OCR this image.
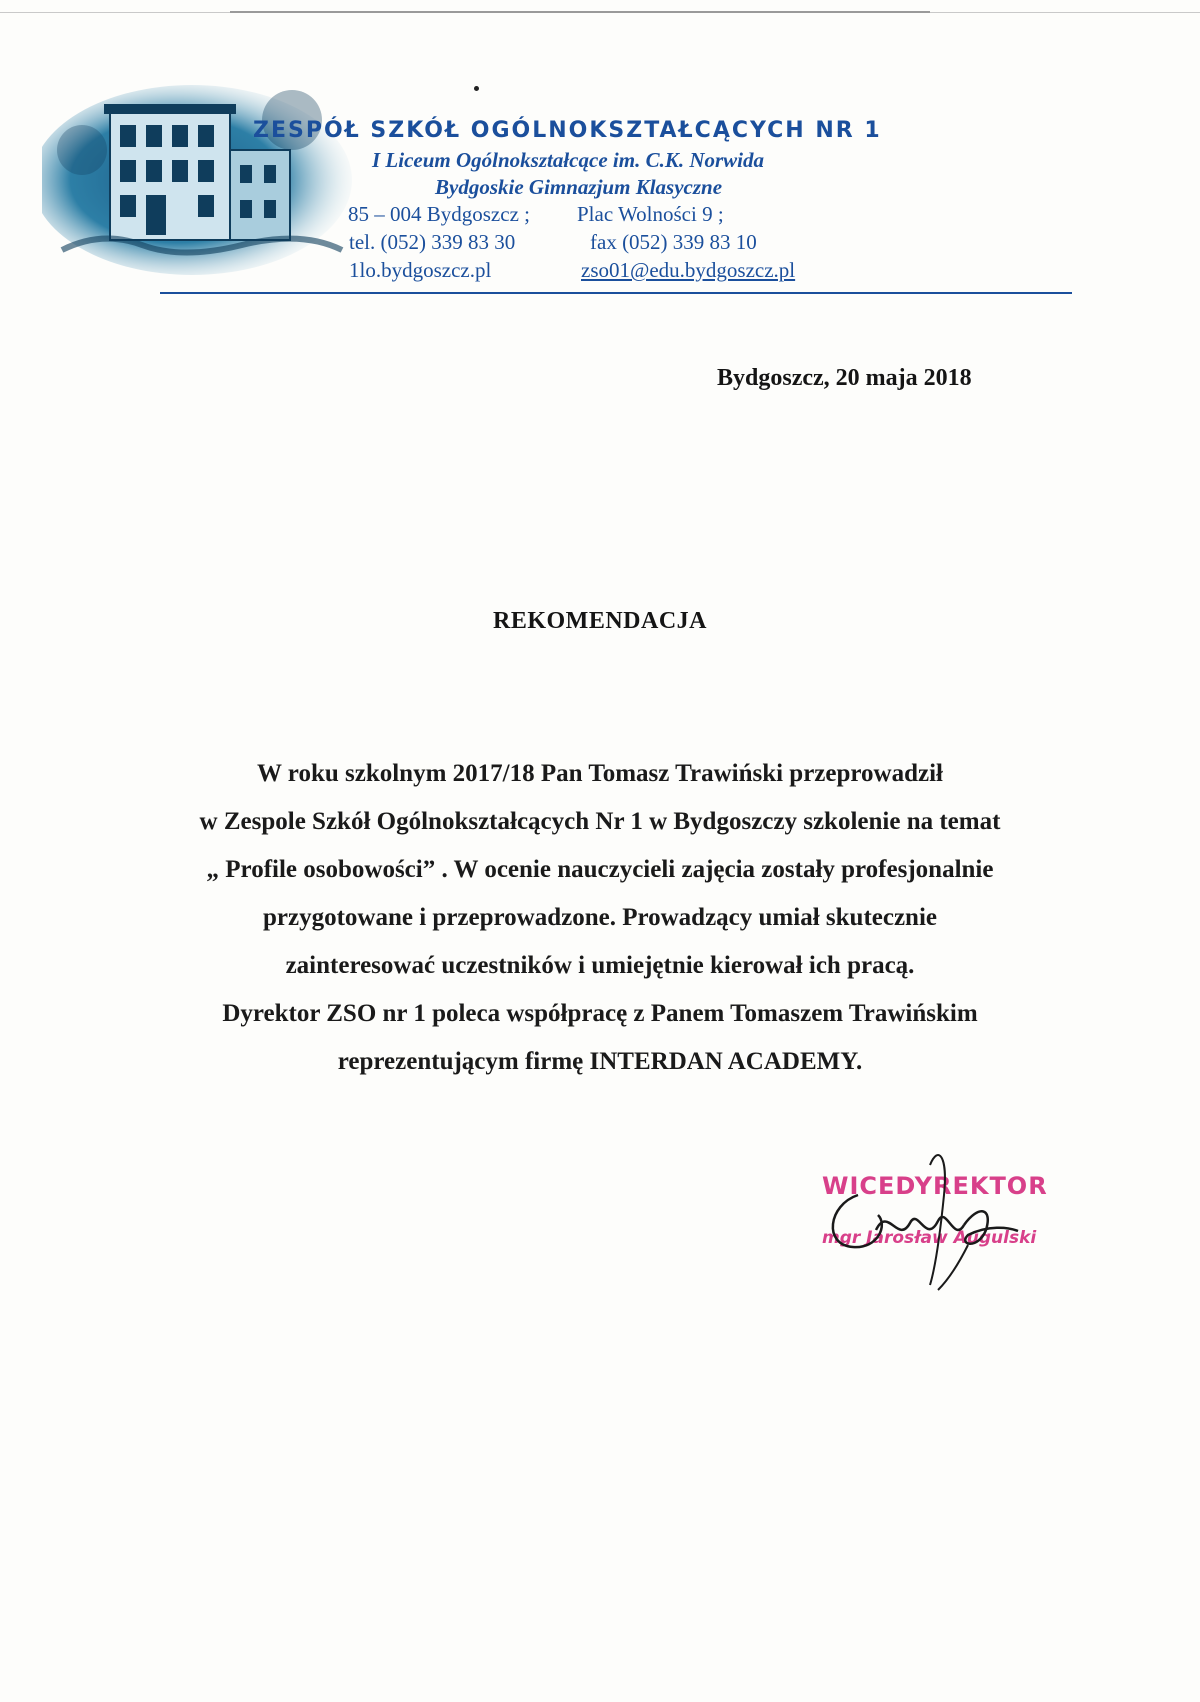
ZESPÓŁ SZKÓŁ OGÓLNOKSZTAŁCĄCYCH NR 1
I Liceum Ogólnokształcące im. C.K. Norwida
Bydgoskie Gimnazjum Klasyczne
85 – 004 Bydgoszcz ; Plac Wolności 9 ;
tel. (052) 339 83 30	fax (052) 339 83 10
1lo.bydgoszcz.pl	zso01@edu.bydgoszcz.pl
Bydgoszcz, 20 maja 2018
REKOMENDACJA
W roku szkolnym 2017/18 Pan Tomasz Trawiński przeprowadził
w Zespole Szkół Ogólnokształcących Nr 1 w Bydgoszczy szkolenie na temat
„ Profile osobowości” . W ocenie nauczycieli zajęcia zostały profesjonalnie
przygotowane i przeprowadzone. Prowadzący umiał skutecznie
zainteresować uczestników i umiejętnie kierował ich pracą.
Dyrektor ZSO nr 1 poleca współpracę z Panem Tomaszem Trawińskim
reprezentującym firmę INTERDAN ACADEMY.
WICEDYREKTOR
mgr Jarosław Augulski
